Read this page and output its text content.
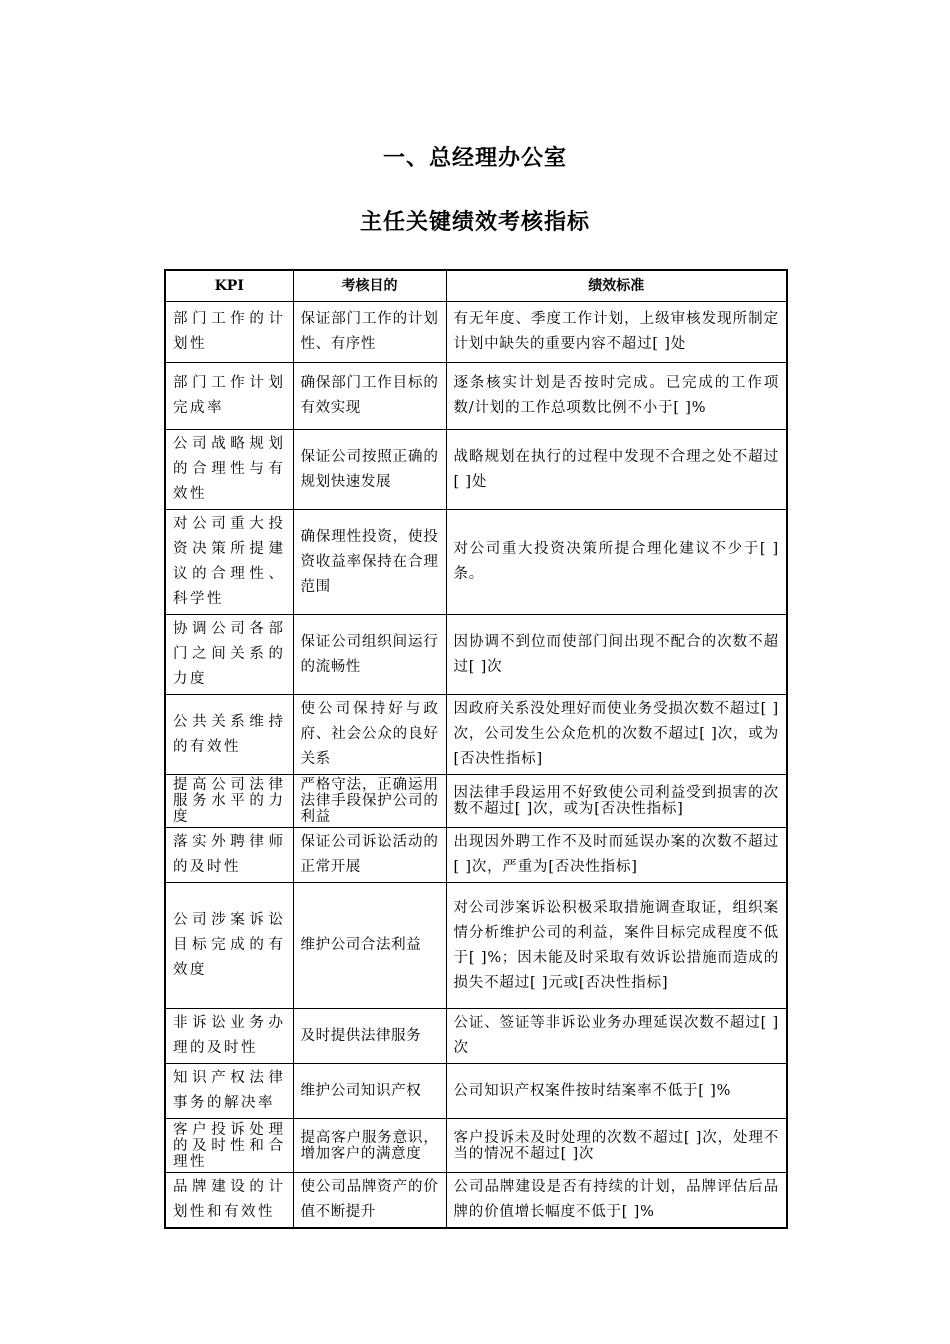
一、总经理办公室
主任关键绩效考核指标
KPI	考核目的	绩效标准
部门工作的计划性	保证部门工作的计划性、有序性	有无年度、季度工作计划，上级审核发现所制定计划中缺失的重要内容不超过[ ]处
部门工作计划完成率	确保部门工作目标的有效实现	逐条核实计划是否按时完成。已完成的工作项数/计划的工作总项数比例不小于[ ]%
公司战略规划的合理性与有效性	保证公司按照正确的规划快速发展	战略规划在执行的过程中发现不合理之处不超过[ ]处
对公司重大投资决策所提建议的合理性、科学性	确保理性投资，使投资收益率保持在合理范围	对公司重大投资决策所提合理化建议不少于[ ]条。
协调公司各部门之间关系的力度	保证公司组织间运行的流畅性	因协调不到位而使部门间出现不配合的次数不超过[ ]次
公共关系维持的有效性	使公司保持好与政府、社会公众的良好关系	因政府关系没处理好而使业务受损次数不超过[ ]次，公司发生公众危机的次数不超过[ ]次，或为[否决性指标]
提高公司法律服务水平的力度	严格守法，正确运用法律手段保护公司的利益	因法律手段运用不好致使公司利益受到损害的次数不超过[ ]次，或为[否决性指标]
落实外聘律师的及时性	保证公司诉讼活动的正常开展	出现因外聘工作不及时而延误办案的次数不超过[ ]次，严重为[否决性指标]
公司涉案诉讼目标完成的有效度	维护公司合法利益	对公司涉案诉讼积极采取措施调查取证，组织案情分析维护公司的利益，案件目标完成程度不低于[ ]%；因未能及时采取有效诉讼措施而造成的损失不超过[ ]元或[否决性指标]
非诉讼业务办理的及时性	及时提供法律服务	公证、签证等非诉讼业务办理延误次数不超过[ ]次
知识产权法律事务的解决率	维护公司知识产权	公司知识产权案件按时结案率不低于[ ]%
客户投诉处理的及时性和合理性	提高客户服务意识，增加客户的满意度	客户投诉未及时处理的次数不超过[ ]次，处理不当的情况不超过[ ]次
品牌建设的计划性和有效性	使公司品牌资产的价值不断提升	公司品牌建设是否有持续的计划，品牌评估后品牌的价值增长幅度不低于[ ]%
